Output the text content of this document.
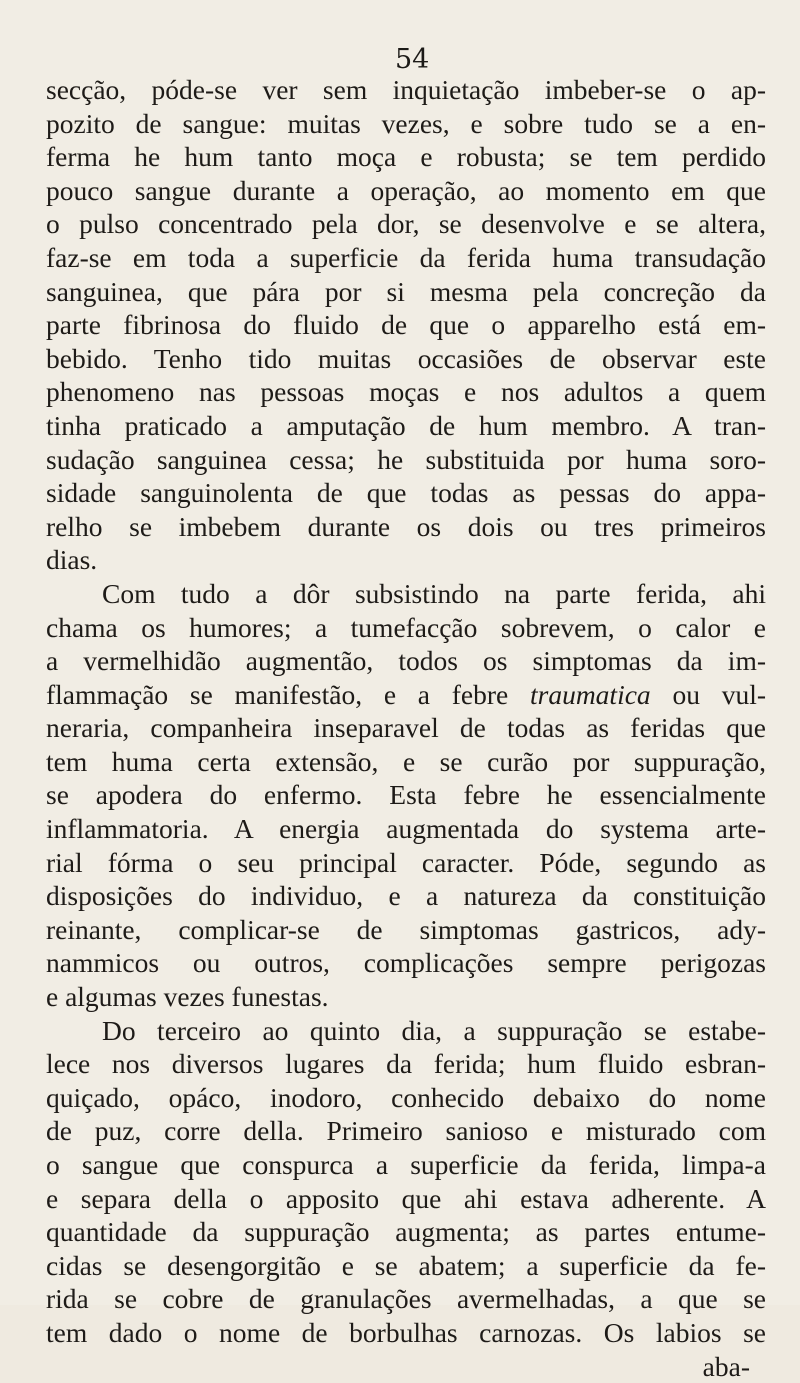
54
secção, póde-se ver sem inquietação imbeber-se o ap-
pozito de sangue: muitas vezes, e sobre tudo se a en-
ferma he hum tanto moça e robusta; se tem perdido
pouco sangue durante a operação, ao momento em que
o pulso concentrado pela dor, se desenvolve e se altera,
faz-se em toda a superficie da ferida huma transudação
sanguinea, que pára por si mesma pela concreção da
parte fibrinosa do fluido de que o apparelho está em-
bebido. Tenho tido muitas occasiões de observar este
phenomeno nas pessoas moças e nos adultos a quem
tinha praticado a amputação de hum membro. A tran-
sudação sanguinea cessa; he substituida por huma soro-
sidade sanguinolenta de que todas as pessas do appa-
relho se imbebem durante os dois ou tres primeiros
dias.
Com tudo a dôr subsistindo na parte ferida, ahi
chama os humores; a tumefacção sobrevem, o calor e
a vermelhidão augmentão, todos os simptomas da im-
flammação se manifestão, e a febre traumatica ou vul-
neraria, companheira inseparavel de todas as feridas que
tem huma certa extensão, e se curão por suppuração,
se apodera do enfermo. Esta febre he essencialmente
inflammatoria. A energia augmentada do systema arte-
rial fórma o seu principal caracter. Póde, segundo as
disposições do individuo, e a natureza da constituição
reinante, complicar-se de simptomas gastricos, ady-
nammicos ou outros, complicações sempre perigozas
e algumas vezes funestas.
Do terceiro ao quinto dia, a suppuração se estabe-
lece nos diversos lugares da ferida; hum fluido esbran-
quiçado, opáco, inodoro, conhecido debaixo do nome
de puz, corre della. Primeiro sanioso e misturado com
o sangue que conspurca a superficie da ferida, limpa-a
e separa della o apposito que ahi estava adherente. A
quantidade da suppuração augmenta; as partes entume-
cidas se desengorgitão e se abatem; a superficie da fe-
rida se cobre de granulações avermelhadas, a que se
tem dado o nome de borbulhas carnozas. Os labios se
aba-
